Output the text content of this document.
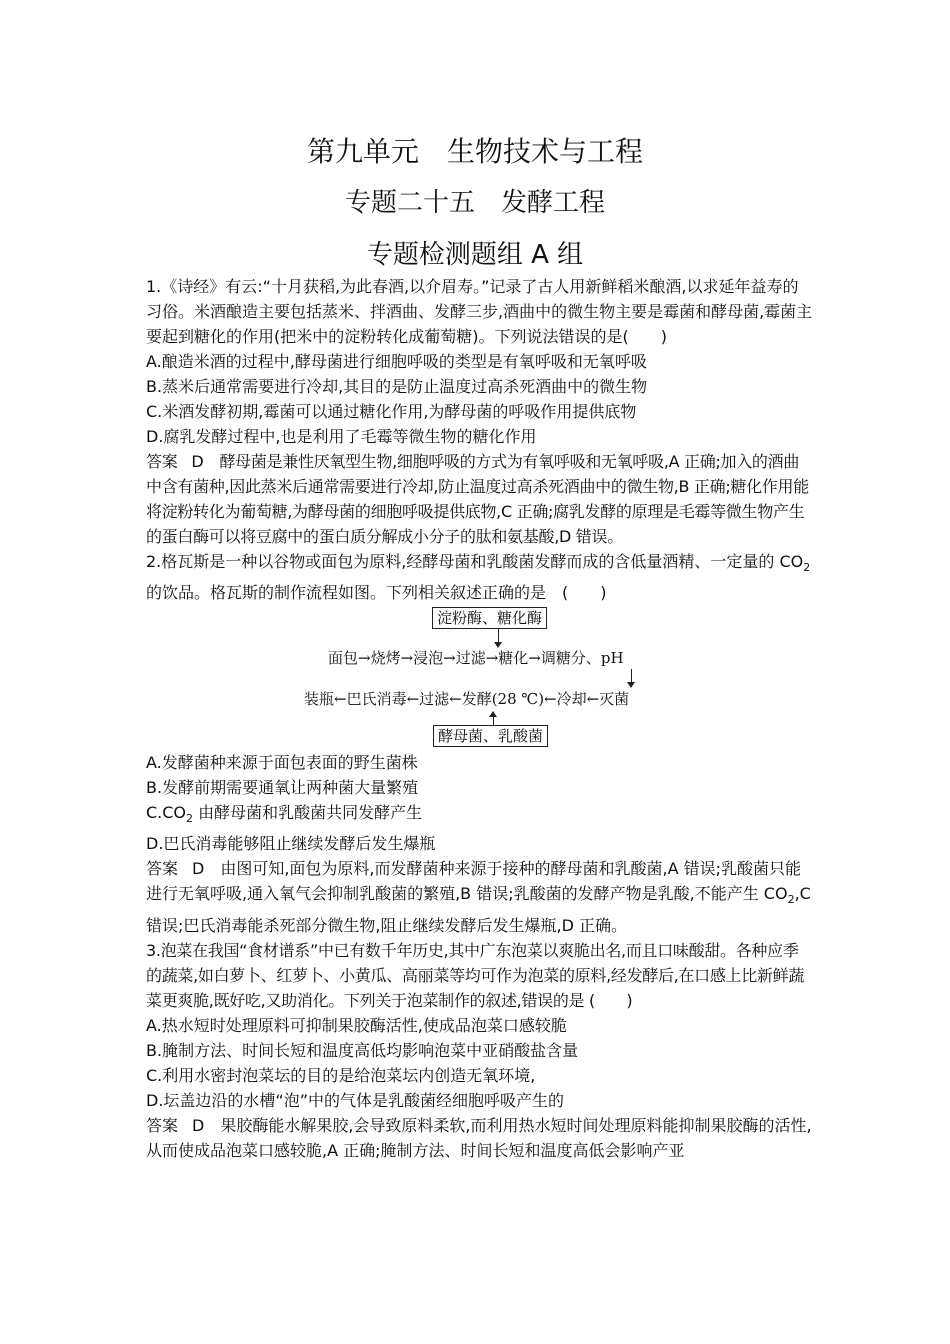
第九单元　生物技术与工程
专题二十五　发酵工程
专题检测题组 A 组

1.《诗经》有云:“十月获稻,为此春酒,以介眉寿。”记录了古人用新鲜稻米酿酒,以求延年益寿的习俗。米酒酿造主要包括蒸米、拌酒曲、发酵三步,酒曲中的微生物主要是霉菌和酵母菌,霉菌主要起到糖化的作用(把米中的淀粉转化成葡萄糖)。下列说法错误的是(　　)

A.酿造米酒的过程中,酵母菌进行细胞呼吸的类型是有氧呼吸和无氧呼吸

B.蒸米后通常需要进行冷却,其目的是防止温度过高杀死酒曲中的微生物

C.米酒发酵初期,霉菌可以通过糖化作用,为酵母菌的呼吸作用提供底物

D.腐乳发酵过程中,也是利用了毛霉等微生物的糖化作用

答案 D 酵母菌是兼性厌氧型生物,细胞呼吸的方式为有氧呼吸和无氧呼吸,A 正确;加入的酒曲中含有菌种,因此蒸米后通常需要进行冷却,防止温度过高杀死酒曲中的微生物,B 正确;糖化作用能将淀粉转化为葡萄糖,为酵母菌的细胞呼吸提供底物,C 正确;腐乳发酵的原理是毛霉等微生物产生的蛋白酶可以将豆腐中的蛋白质分解成小分子的肽和氨基酸,D 错误。

2.格瓦斯是一种以谷物或面包为原料,经酵母菌和乳酸菌发酵而成的含低量酒精、一定量的 $CO_2$ 的饮品。格瓦斯的制作流程如图。下列相关叙述正确的是　(　　)

淀粉酶、糖化酶
面包→烧烤→浸泡→过滤→糖化→调糖分、pH
装瓶←巴氏消毒←过滤←发酵(28 ℃)←冷却←灭菌
酵母菌、乳酸菌

A.发酵菌种来源于面包表面的野生菌株

B.发酵前期需要通氧让两种菌大量繁殖

$C.CO_2$ 由酵母菌和乳酸菌共同发酵产生

D.巴氏消毒能够阻止继续发酵后发生爆瓶

答案 D 由图可知,面包为原料,而发酵菌种来源于接种的酵母菌和乳酸菌,A 错误;乳酸菌只能进行无氧呼吸,通入氧气会抑制乳酸菌的繁殖,B 错误;乳酸菌的发酵产物是乳酸,不能产生 $CO_2,C$ 错误;巴氏消毒能杀死部分微生物,阻止继续发酵后发生爆瓶,D 正确。

3.泡菜在我国“食材谱系”中已有数千年历史,其中广东泡菜以爽脆出名,而且口味酸甜。各种应季的蔬菜,如白萝卜、红萝卜、小黄瓜、高丽菜等均可作为泡菜的原料,经发酵后,在口感上比新鲜蔬菜更爽脆,既好吃,又助消化。下列关于泡菜制作的叙述,错误的是 (　　)

A.热水短时处理原料可抑制果胶酶活性,使成品泡菜口感较脆

B.腌制方法、时间长短和温度高低均影响泡菜中亚硝酸盐含量

C.利用水密封泡菜坛的目的是给泡菜坛内创造无氧环境,

D.坛盖边沿的水槽“泡”中的气体是乳酸菌经细胞呼吸产生的

答案 D 果胶酶能水解果胶,会导致原料柔软,而利用热水短时间处理原料能抑制果胶酶的活性,从而使成品泡菜口感较脆,A 正确;腌制方法、时间长短和温度高低会影响产亚
